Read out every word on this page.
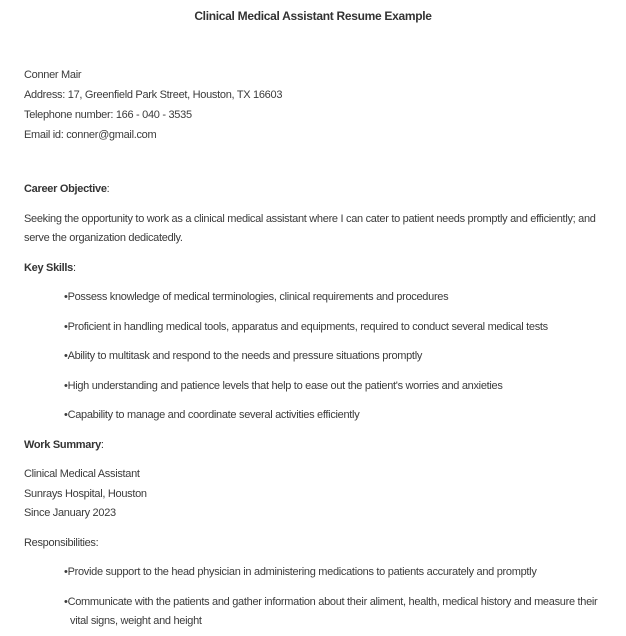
Clinical Medical Assistant Resume Example
Conner Mair
Address: 17, Greenfield Park Street, Houston, TX 16603
Telephone number: 166 - 040 - 3535
Email id: conner@gmail.com

Career Objective:

Seeking the opportunity to work as a clinical medical assistant where I can cater to patient needs promptly and efficiently; and serve the organization dedicatedly.

Key Skills:

•Possess knowledge of medical terminologies, clinical requirements and procedures

•Proficient in handling medical tools, apparatus and equipments, required to conduct several medical tests

•Ability to multitask and respond to the needs and pressure situations promptly

•High understanding and patience levels that help to ease out the patient's worries and anxieties

•Capability to manage and coordinate several activities efficiently

Work Summary:

Clinical Medical Assistant
Sunrays Hospital, Houston
Since January 2023

Responsibilities:

•Provide support to the head physician in administering medications to patients accurately and promptly

•Communicate with the patients and gather information about their aliment, health, medical history and measure their vital signs, weight and height
